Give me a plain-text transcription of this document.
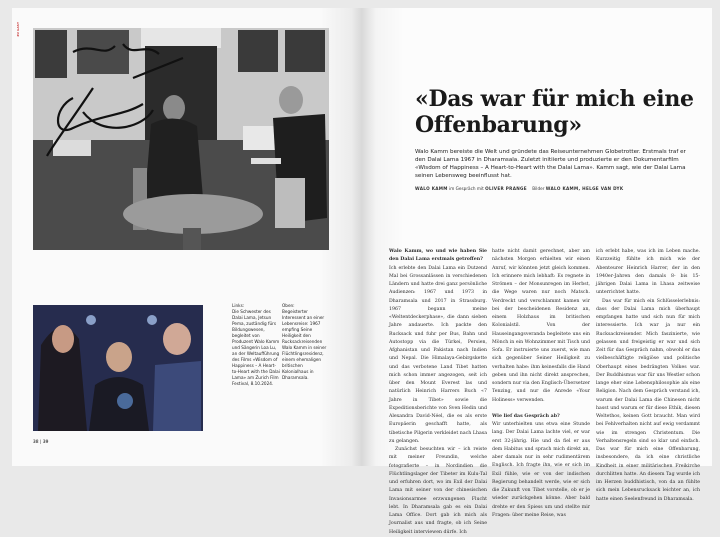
ZU GAST
Links:
Die Schwester des Dalai Lama, Jetsun Pema, zuständig fürs Bildungswesen, begleitet von Produzent Walo Kamm und Sängerin Loa Lu, an der Weltaufführung des Films «Wisdom of Happiness – A Heart-to-Heart with the Dalai Lama» am Zurich Film Festival, 8.10.2024.
Oben:
Begeisterter Interessent an einer Lebensreise: 1967 empfing Seine Heiligkeit den Rucksackreisenden Walo Kamm in seiner Flüchtlingsresidenz, einem ehemaligen britischen Kolonialhaus in Dharamsala.
38 | 39
«Das war für mich eine Offenbarung»

Walo Kamm bereiste die Welt und gründete das Reiseunternehmen Globetrotter. Erstmals traf er den Dalai Lama 1967 in Dharamsala. Zuletzt initiierte und produzierte er den Dokumentarfilm «Wisdom of Happiness – A Heart-to-Heart with the Dalai Lama». Kamm sagt, wie der Dalai Lama seinen Lebensweg beeinflusst hat.

WALO KAMM im Gespräch mit OLIVER PRANGE Bilder WALO KAMM, HELGE VAN DYK

Walo Kamm, wo und wie haben Sie den Dalai Lama erstmals getroffen?

Ich erlebte den Dalai Lama ein Dutzend Mal bei Grossanlässen in verschiedenen Ländern und hatte drei ganz persönliche Audienzen: 1967 und 1973 in Dharamsala und 2017 in Strassburg. 1967 begann meine «Weltentdeckerphase», die dann sieben Jahre andauerte. Ich packte den Rucksack und fuhr per Bus, Bahn und Autostopp via die Türkei, Persien, Afghanistan und Pakistan nach Indien und Nepal. Die Himalaya-Gebirgskette und das verbotene Land Tibet hatten mich schon immer angezogen, seit ich über den Mount Everest las und natürlich Heinrich Harrers Buch «7 Jahre in Tibet» sowie die Expeditionsberichte von Sven Hedin und Alexandra David-Néel, die es als erste Europäerin geschafft hatte, als tibetische Pilgerin verkleidet nach Lhasa zu gelangen.

Zunächst besuchten wir – ich reiste mit meiner Freundin, welche fotografierte – in Nordindien die Flüchtlingslager der Tibeter im Kulu-Tal und erfuhren dort, wo im Exil der Dalai Lama mit seiner von der chinesischen Invasionsarmee erzwungenen Flucht lebt. In Dharamsala gab es ein Dalai Lama Office. Dort gab ich mich als Journalist aus und fragte, ob ich Seine Heiligkeit interviewen dürfe. Ich

hatte nicht damit gerechnet, aber am nächsten Morgen erhielten wir einen Anruf, wir könnten jetzt gleich kommen. Ich erinnere mich lebhaft: Es regnete in Strömen – der Monsunregen im Herbst, die Wege waren nur noch Matsch. Verdreckt und verschlammt kamen wir bei der bescheidenen Residenz an, einem Holzhaus im britischen Kolonialstil. Von der Hauseingangsveranda begleitete uns ein Mönch in ein Wohnzimmer mit Tisch und Sofa. Er instruierte uns zuerst, wie man sich gegenüber Seiner Heiligkeit zu verhalten habe: ihm keinesfalls die Hand geben und ihn nicht direkt ansprechen, sondern nur via den Englisch-Übersetzer Tenzing, und nur die Anrede «Your Holiness» verwenden.

Wie lief das Gespräch ab?

Wir unterhielten uns etwa eine Stunde lang. Der Dalai Lama lachte viel, er war erst 32-jährig. Hie und da fiel er aus dem Habitus und sprach mich direkt an, aber damals nur in sehr rudimentärem Englisch. Ich fragte ihn, wie er sich im Exil fühle, wie er von der indischen Regierung behandelt werde, wie er sich die Zukunft von Tibet vorstelle, ob er je wieder zurückgehen könne. Aber bald drehte er den Spiess um und stellte mir Fragen: über meine Reise, was

ich erlebt habe, was ich im Leben mache. Kurzzeitig fühlte ich mich wie der Abenteurer Heinrich Harrer, der in den 1940er-Jahren den damals 8- bis 15-jährigen Dalai Lama in Lhasa zeitweise unterrichtet hatte.

Das war für mich ein Schlüsselerlebnis: dass der Dalai Lama mich überhaupt empfangen hatte und sich nun für mich interessierte. Ich war ja nur ein Rucksackreisender. Mich faszinierte, wie gelassen und freigeistig er war und sich Zeit für das Gespräch nahm, obwohl er das vielbeschäftigte religiöse und politische Oberhaupt eines bedrängten Volkes war. Der Buddhismus war für uns Westler schon lange eher eine Lebensphilosophie als eine Religion. Nach dem Gespräch verstand ich, warum der Dalai Lama die Chinesen nicht hasst und warum er für diese Ethik, diesen Weltethos, keinen Gott braucht. Man wird bei Fehlverhalten nicht auf ewig verdammt wie im strengen Christentum. Die Verhaltensregeln sind so klar und einfach. Das war für mich eine Offenbarung, insbesondere, da ich eine christliche Kindheit in einer militärischen Freikirche durchlitten hatte. An diesem Tag wurde ich im Herzen buddhistisch, von da an fühlte sich mein Lebensrucksack leichter an, ich hatte einen Seelenfreund in Dharamsala.
